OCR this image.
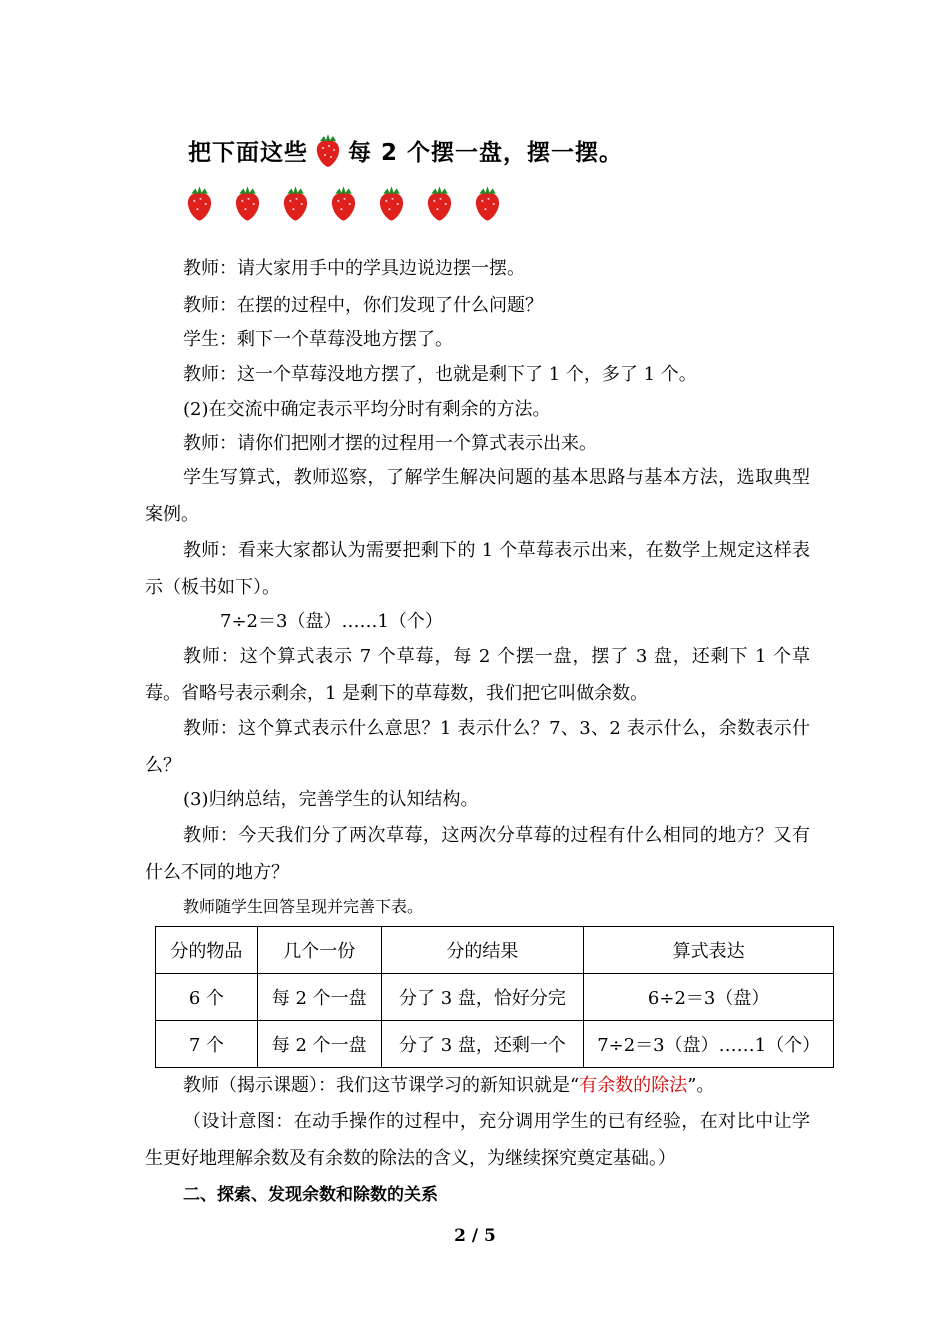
把下面这些 每 2 个摆一盘，摆一摆。
教师：请大家用手中的学具边说边摆一摆。
教师：在摆的过程中，你们发现了什么问题？
学生：剩下一个草莓没地方摆了。
教师：这一个草莓没地方摆了，也就是剩下了 1 个，多了 1 个。
(2)在交流中确定表示平均分时有剩余的方法。
教师：请你们把刚才摆的过程用一个算式表示出来。
学生写算式，教师巡察，了解学生解决问题的基本思路与基本方法，选取典型案例。
教师：看来大家都认为需要把剩下的 1 个草莓表示出来，在数学上规定这样表示（板书如下）。
7÷2＝3（盘）……1（个）
教师：这个算式表示 7 个草莓，每 2 个摆一盘，摆了 3 盘，还剩下 1 个草莓。省略号表示剩余，1 是剩下的草莓数，我们把它叫做余数。
教师：这个算式表示什么意思？1 表示什么？7、3、2 表示什么，余数表示什么？
(3)归纳总结，完善学生的认知结构。
教师：今天我们分了两次草莓，这两次分草莓的过程有什么相同的地方？又有什么不同的地方？
教师随学生回答呈现并完善下表。
分的物品	几个一份	分的结果	算式表达
6 个	每 2 个一盘	分了 3 盘，恰好分完	6÷2＝3（盘）
7 个	每 2 个一盘	分了 3 盘，还剩一个	7÷2＝3（盘）……1（个）
教师（揭示课题）：我们这节课学习的新知识就是“有余数的除法”。
（设计意图：在动手操作的过程中，充分调用学生的已有经验，在对比中让学生更好地理解余数及有余数的除法的含义，为继续探究奠定基础。）
二、探索、发现余数和除数的关系
2 / 5
